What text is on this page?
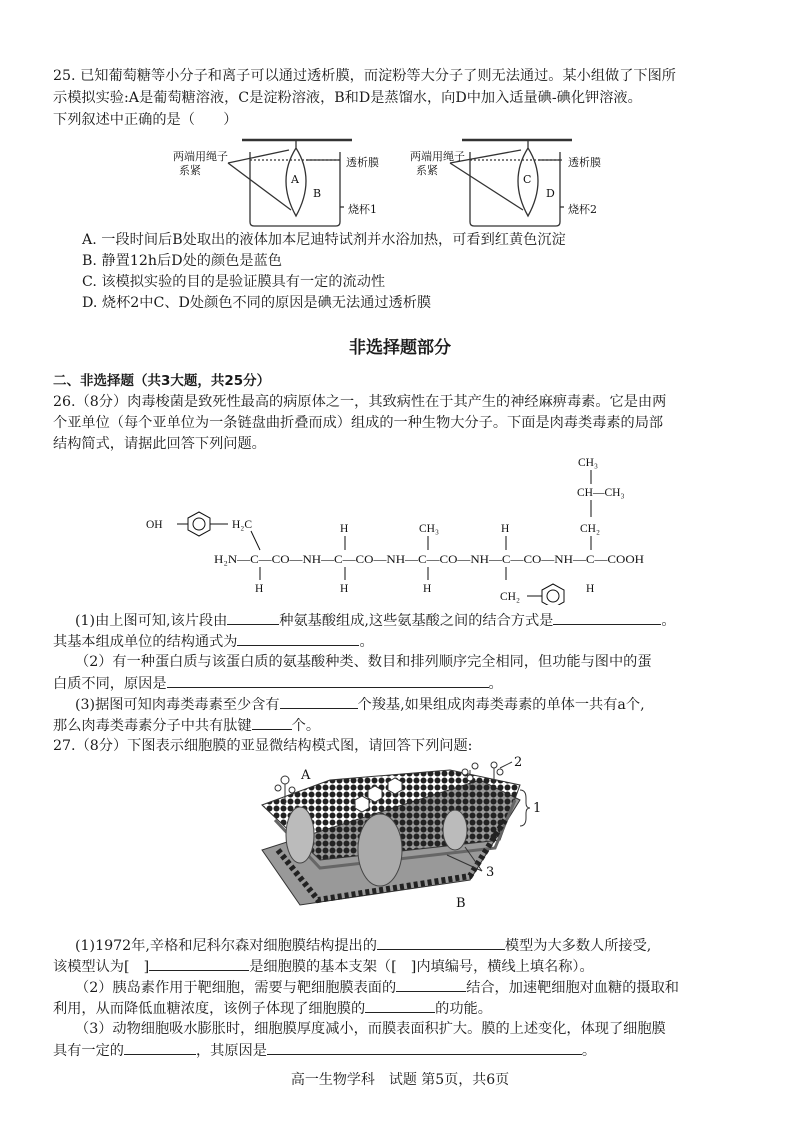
25. 已知葡萄糖等小分子和离子可以通过透析膜，而淀粉等大分子了则无法通过。某小组做了下图所
示模拟实验:A是葡萄糖溶液，C是淀粉溶液，B和D是蒸馏水，向D中加入适量碘-碘化钾溶液。
下列叙述中正确的是（　　）
两端用绳子
系紧
透析膜
烧杯1
A
B
两端用绳子
系紧
透析膜
烧杯2
C
D
A. 一段时间后B处取出的液体加本尼迪特试剂并水浴加热，可看到红黄色沉淀
B. 静置12h后D处的颜色是蓝色
C. 该模拟实验的目的是验证膜具有一定的流动性
D. 烧杯2中C、D处颜色不同的原因是碘无法通过透析膜
非选择题部分
二、非选择题（共3大题，共25分）
26.（8分）肉毒梭菌是致死性最高的病原体之一，其致病性在于其产生的神经麻痹毒素。它是由两
个亚单位（每个亚单位为一条链盘曲折叠而成）组成的一种生物大分子。下面是肉毒类毒素的局部
结构简式，请据此回答下列问题。
CH₃
CH—CH₃
CH₂
OH	H₂C	H	CH₃	H
H₂N—C—CO—NH—C—CO—NH—C—CO—NH—C—CO—NH—C—COOH
H	H	H
CH₂
H
(1)由上图可知,该片段由	种氨基酸组成,这些氨基酸之间的结合方式是	。
其基本组成单位的结构通式为	。
（2）有一种蛋白质与该蛋白质的氨基酸种类、数目和排列顺序完全相同，但功能与图中的蛋
白质不同，原因是	。
(3)据图可知肉毒类毒素至少含有	个羧基,如果组成肉毒类毒素的单体一共有a个,
那么肉毒类毒素分子中共有肽键	个。
27.（8分）下图表示细胞膜的亚显微结构模式图，请回答下列问题:
A
B
1
2
3
(1)1972年,辛格和尼科尔森对细胞膜结构提出的	模型为大多数人所接受,
该模型认为[　]	是细胞膜的基本支架（[　]内填编号，横线上填名称）。
（2）胰岛素作用于靶细胞，需要与靶细胞膜表面的	结合，加速靶细胞对血糖的摄取和
利用，从而降低血糖浓度，该例子体现了细胞膜的	的功能。
（3）动物细胞吸水膨胀时，细胞膜厚度减小，而膜表面积扩大。膜的上述变化，体现了细胞膜
具有一定的	，其原因是	。
高一生物学科　试题 第5页，共6页
